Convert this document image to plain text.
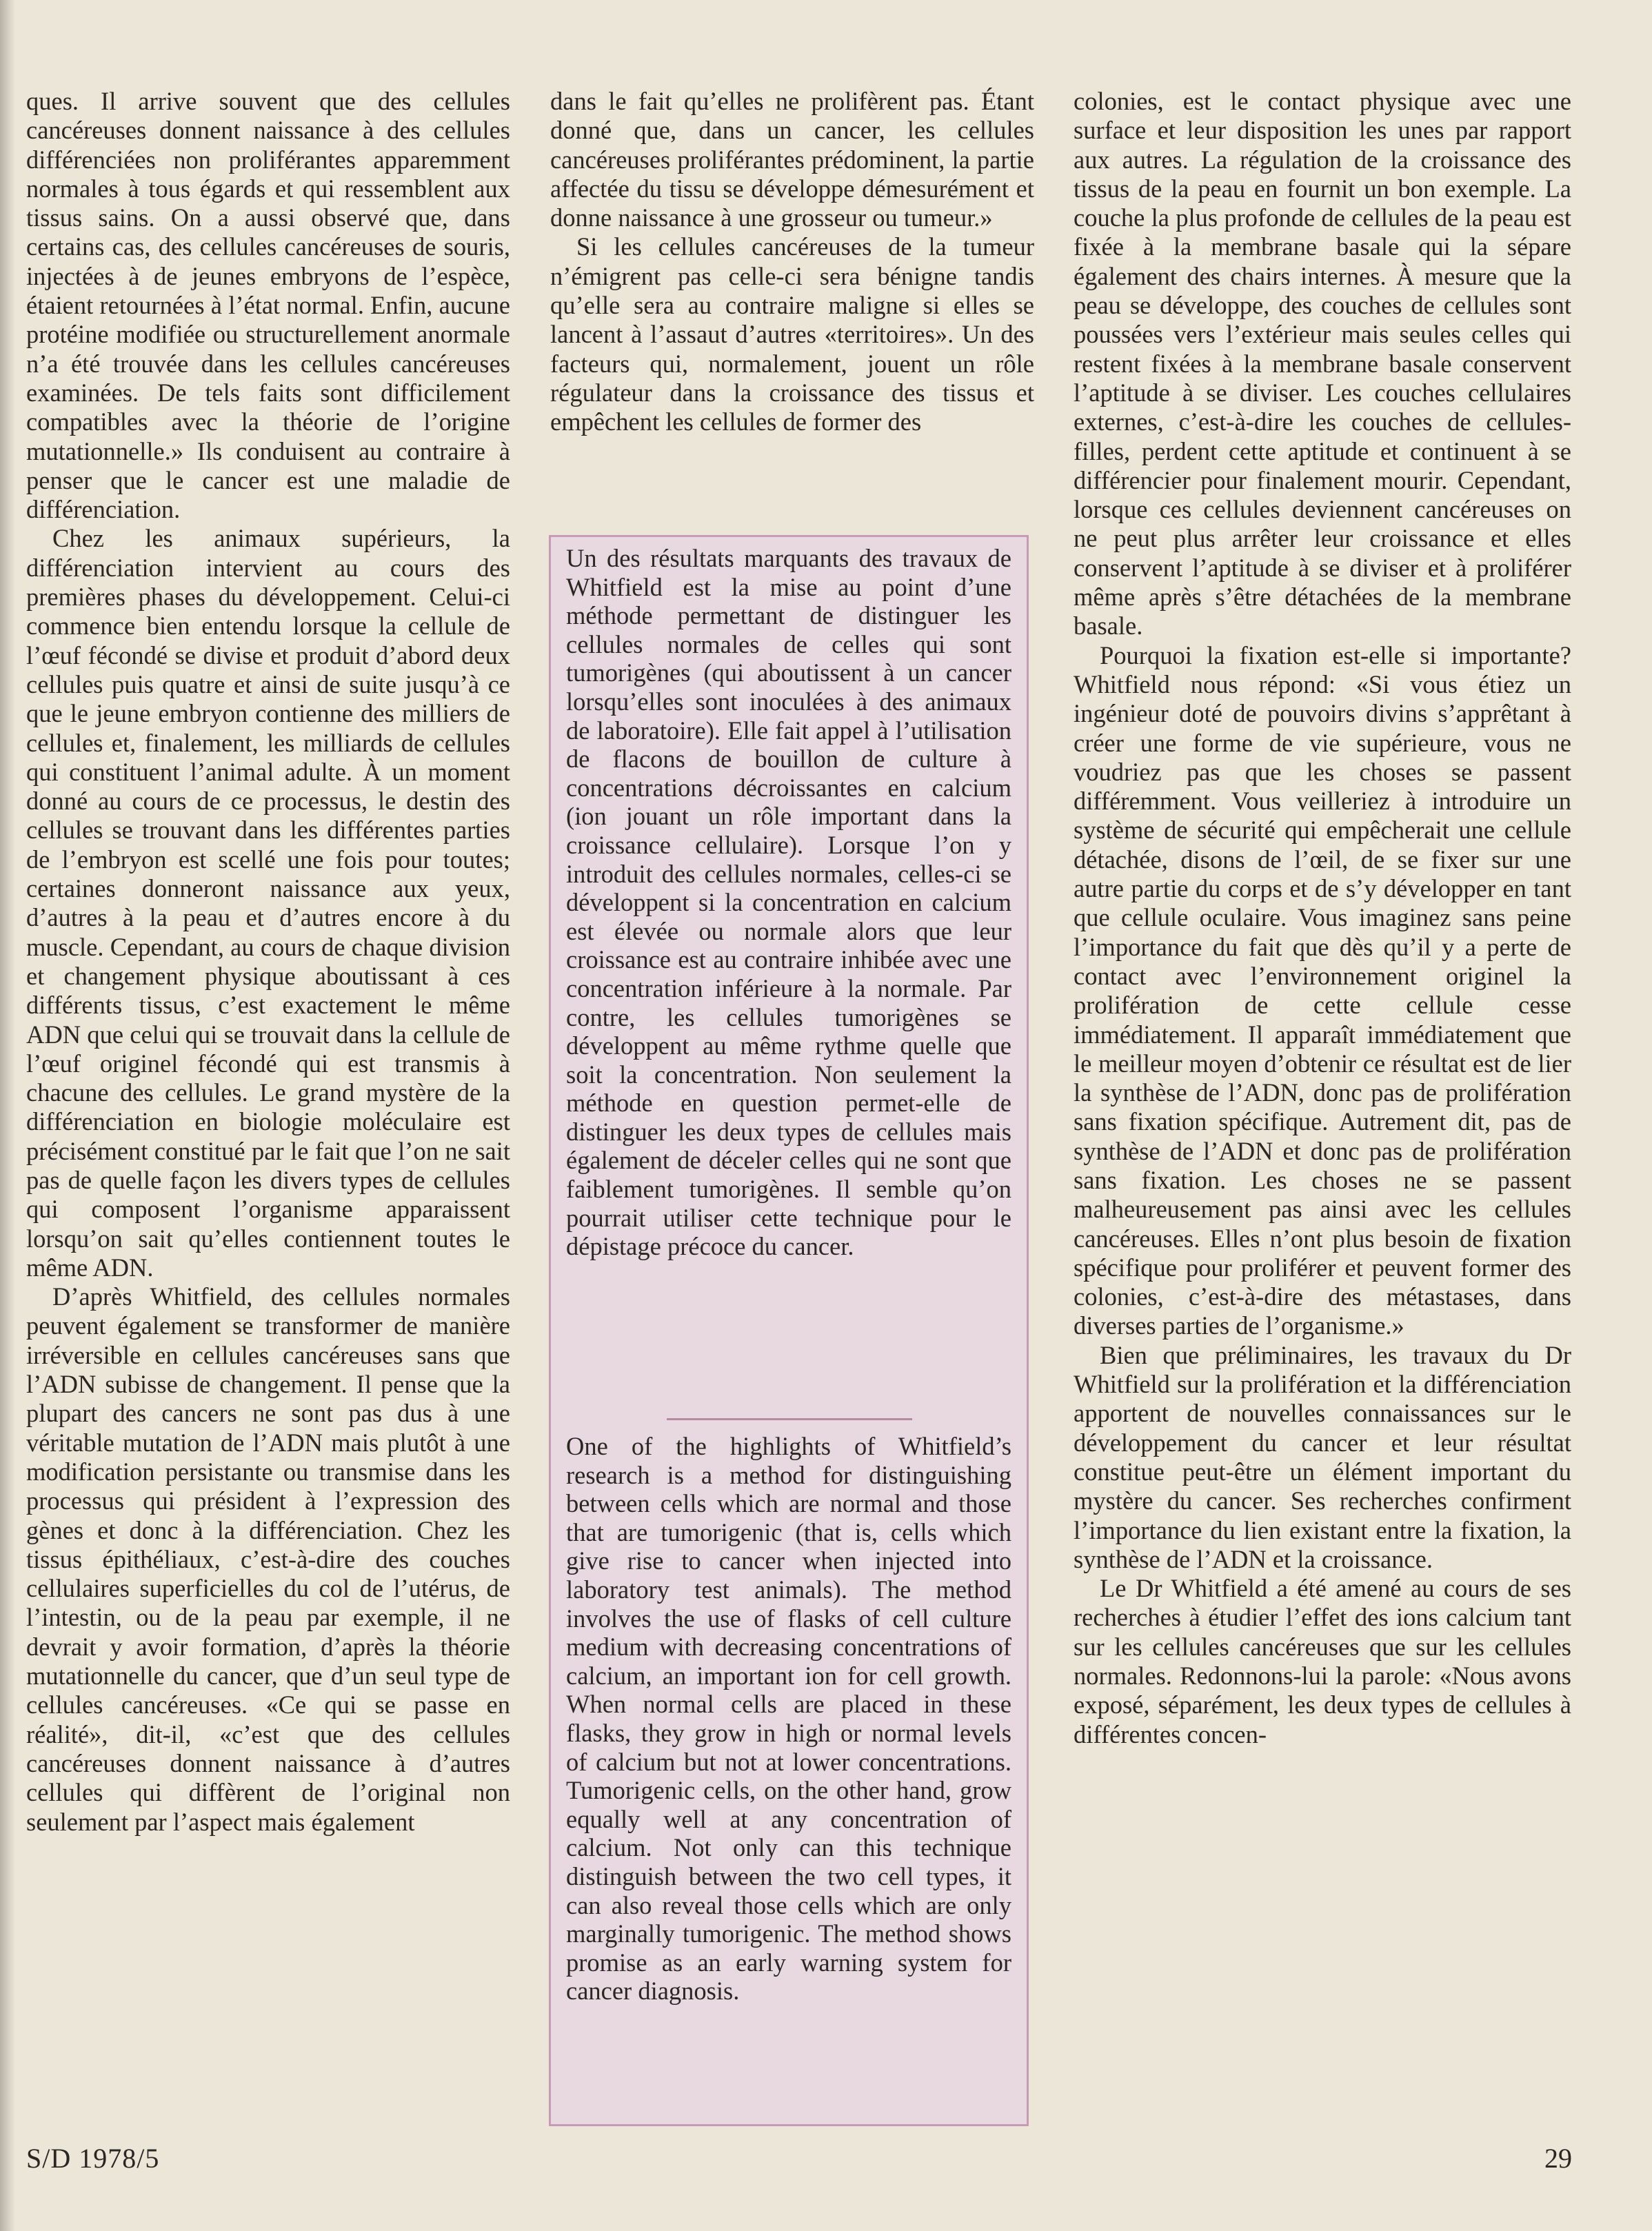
ques. Il arrive souvent que des cellules cancéreuses donnent naissance à des cellules différenciées non proliférantes apparemment normales à tous égards et qui ressemblent aux tissus sains. On a aussi observé que, dans certains cas, des cellules cancéreuses de souris, injectées à de jeunes embryons de l’espèce, étaient retournées à l’état normal. Enfin, aucune protéine modifiée ou structurellement anormale n’a été trouvée dans les cellules cancéreuses examinées. De tels faits sont difficilement compatibles avec la théorie de l’origine mutationnelle.» Ils conduisent au contraire à penser que le cancer est une maladie de différenciation.

Chez les animaux supérieurs, la différenciation intervient au cours des premières phases du développement. Celui-ci commence bien entendu lorsque la cellule de l’œuf fécondé se divise et produit d’abord deux cellules puis quatre et ainsi de suite jusqu’à ce que le jeune embryon contienne des milliers de cellules et, finalement, les milliards de cellules qui constituent l’animal adulte. À un moment donné au cours de ce processus, le destin des cellules se trouvant dans les différentes parties de l’embryon est scellé une fois pour toutes; certaines donneront naissance aux yeux, d’autres à la peau et d’autres encore à du muscle. Cependant, au cours de chaque division et changement physique aboutissant à ces différents tissus, c’est exactement le même ADN que celui qui se trouvait dans la cellule de l’œuf originel fécondé qui est transmis à chacune des cellules. Le grand mystère de la différenciation en biologie moléculaire est précisément constitué par le fait que l’on ne sait pas de quelle façon les divers types de cellules qui composent l’organisme apparaissent lorsqu’on sait qu’elles contiennent toutes le même ADN.

D’après Whitfield, des cellules normales peuvent également se transformer de manière irréversible en cellules cancéreuses sans que l’ADN subisse de changement. Il pense que la plupart des cancers ne sont pas dus à une véritable mutation de l’ADN mais plutôt à une modification persistante ou transmise dans les processus qui président à l’expression des gènes et donc à la différenciation. Chez les tissus épithéliaux, c’est-à-dire des couches cellulaires superficielles du col de l’utérus, de l’intestin, ou de la peau par exemple, il ne devrait y avoir formation, d’après la théorie mutationnelle du cancer, que d’un seul type de cellules cancéreuses. «Ce qui se passe en réalité», dit-il, «c’est que des cellules cancéreuses donnent naissance à d’autres cellules qui diffèrent de l’original non seulement par l’aspect mais également

dans le fait qu’elles ne prolifèrent pas. Étant donné que, dans un cancer, les cellules cancéreuses proliférantes prédominent, la partie affectée du tissu se développe démesurément et donne naissance à une grosseur ou tumeur.»

Si les cellules cancéreuses de la tumeur n’émigrent pas celle-ci sera bénigne tandis qu’elle sera au contraire maligne si elles se lancent à l’assaut d’autres «territoires». Un des facteurs qui, normalement, jouent un rôle régulateur dans la croissance des tissus et empêchent les cellules de former des

Un des résultats marquants des travaux de Whitfield est la mise au point d’une méthode permettant de distinguer les cellules normales de celles qui sont tumorigènes (qui aboutissent à un cancer lorsqu’elles sont inoculées à des animaux de laboratoire). Elle fait appel à l’utilisation de flacons de bouillon de culture à concentrations décroissantes en calcium (ion jouant un rôle important dans la croissance cellulaire). Lorsque l’on y introduit des cellules normales, celles-ci se développent si la concentration en calcium est élevée ou normale alors que leur croissance est au contraire inhibée avec une concentration inférieure à la normale. Par contre, les cellules tumorigènes se développent au même rythme quelle que soit la concentration. Non seulement la méthode en question permet-elle de distinguer les deux types de cellules mais également de déceler celles qui ne sont que faiblement tumorigènes. Il semble qu’on pourrait utiliser cette technique pour le dépistage précoce du cancer.
One of the highlights of Whitfield’s research is a method for distinguishing between cells which are normal and those that are tumorigenic (that is, cells which give rise to cancer when injected into laboratory test animals). The method involves the use of flasks of cell culture medium with decreasing concentrations of calcium, an important ion for cell growth. When normal cells are placed in these flasks, they grow in high or normal levels of calcium but not at lower concentrations. Tumorigenic cells, on the other hand, grow equally well at any concentration of calcium. Not only can this technique distinguish between the two cell types, it can also reveal those cells which are only marginally tumorigenic. The method shows promise as an early warning system for cancer diagnosis.

colonies, est le contact physique avec une surface et leur disposition les unes par rapport aux autres. La régulation de la croissance des tissus de la peau en fournit un bon exemple. La couche la plus profonde de cellules de la peau est fixée à la membrane basale qui la sépare également des chairs internes. À mesure que la peau se développe, des couches de cellules sont poussées vers l’extérieur mais seules celles qui restent fixées à la membrane basale conservent l’aptitude à se diviser. Les couches cellulaires externes, c’est-à-dire les couches de cellules-filles, perdent cette aptitude et continuent à se différencier pour finalement mourir. Cependant, lorsque ces cellules deviennent cancéreuses on ne peut plus arrêter leur croissance et elles conservent l’aptitude à se diviser et à proliférer même après s’être détachées de la membrane basale.

Pourquoi la fixation est-elle si importante? Whitfield nous répond: «Si vous étiez un ingénieur doté de pouvoirs divins s’apprêtant à créer une forme de vie supérieure, vous ne voudriez pas que les choses se passent différemment. Vous veilleriez à introduire un système de sécurité qui empêcherait une cellule détachée, disons de l’œil, de se fixer sur une autre partie du corps et de s’y développer en tant que cellule oculaire. Vous imaginez sans peine l’importance du fait que dès qu’il y a perte de contact avec l’environnement originel la prolifération de cette cellule cesse immédiatement. Il apparaît immédiatement que le meilleur moyen d’obtenir ce résultat est de lier la synthèse de l’ADN, donc pas de prolifération sans fixation spécifique. Autrement dit, pas de synthèse de l’ADN et donc pas de prolifération sans fixation. Les choses ne se passent malheureusement pas ainsi avec les cellules cancéreuses. Elles n’ont plus besoin de fixation spécifique pour proliférer et peuvent former des colonies, c’est-à-dire des métastases, dans diverses parties de l’organisme.»

Bien que préliminaires, les travaux du Dr Whitfield sur la prolifération et la différenciation apportent de nouvelles connaissances sur le développement du cancer et leur résultat constitue peut-être un élément important du mystère du cancer. Ses recherches confirment l’importance du lien existant entre la fixation, la synthèse de l’ADN et la croissance.

Le Dr Whitfield a été amené au cours de ses recherches à étudier l’effet des ions calcium tant sur les cellules cancéreuses que sur les cellules normales. Redonnons-lui la parole: «Nous avons exposé, séparément, les deux types de cellules à différentes concen-

S/D 1978/5	29
